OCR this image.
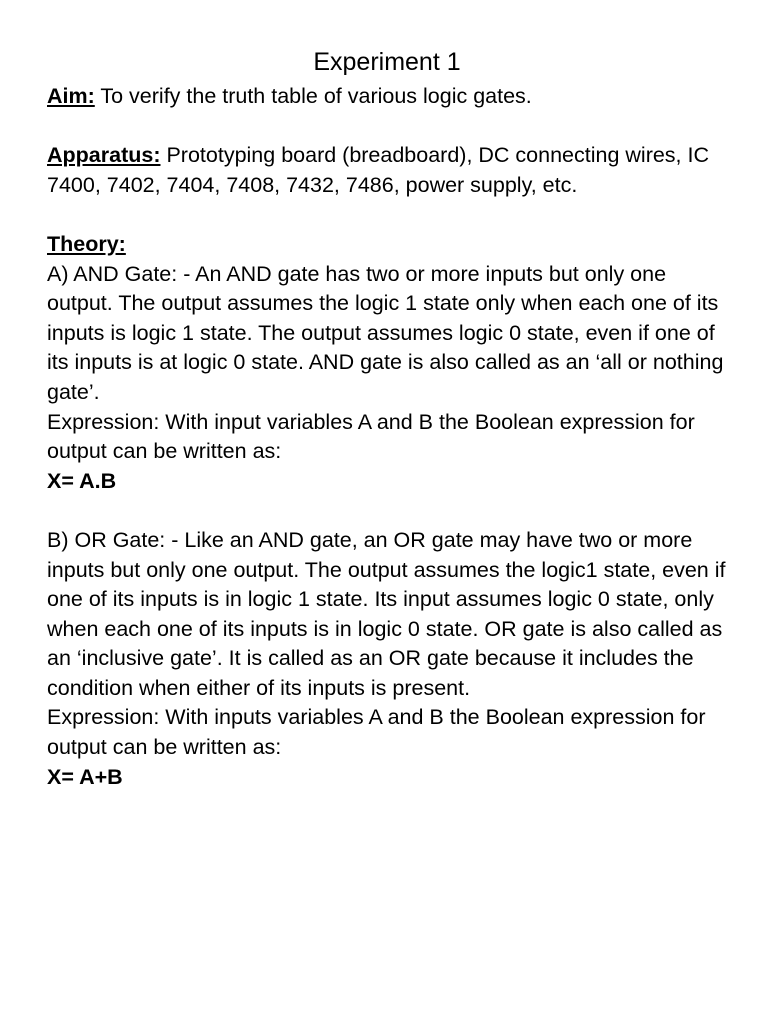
Experiment 1

Aim: To verify the truth table of various logic gates.

Apparatus: Prototyping board (breadboard), DC connecting wires, IC 7400, 7402, 7404, 7408, 7432, 7486, power supply, etc.

Theory:

A) AND Gate: - An AND gate has two or more inputs but only one output. The output assumes the logic 1 state only when each one of its inputs is logic 1 state. The output assumes logic 0 state, even if one of its inputs is at logic 0 state. AND gate is also called as an ‘all or nothing gate’.

Expression: With input variables A and B the Boolean expression for output can be written as:

X= A.B

B) OR Gate: - Like an AND gate, an OR gate may have two or more inputs but only one output. The output assumes the logic1 state, even if one of its inputs is in logic 1 state. Its input assumes logic 0 state, only when each one of its inputs is in logic 0 state. OR gate is also called as an ‘inclusive gate’. It is called as an OR gate because it includes the condition when either of its inputs is present.

Expression: With inputs variables A and B the Boolean expression for output can be written as:

X= A+B
